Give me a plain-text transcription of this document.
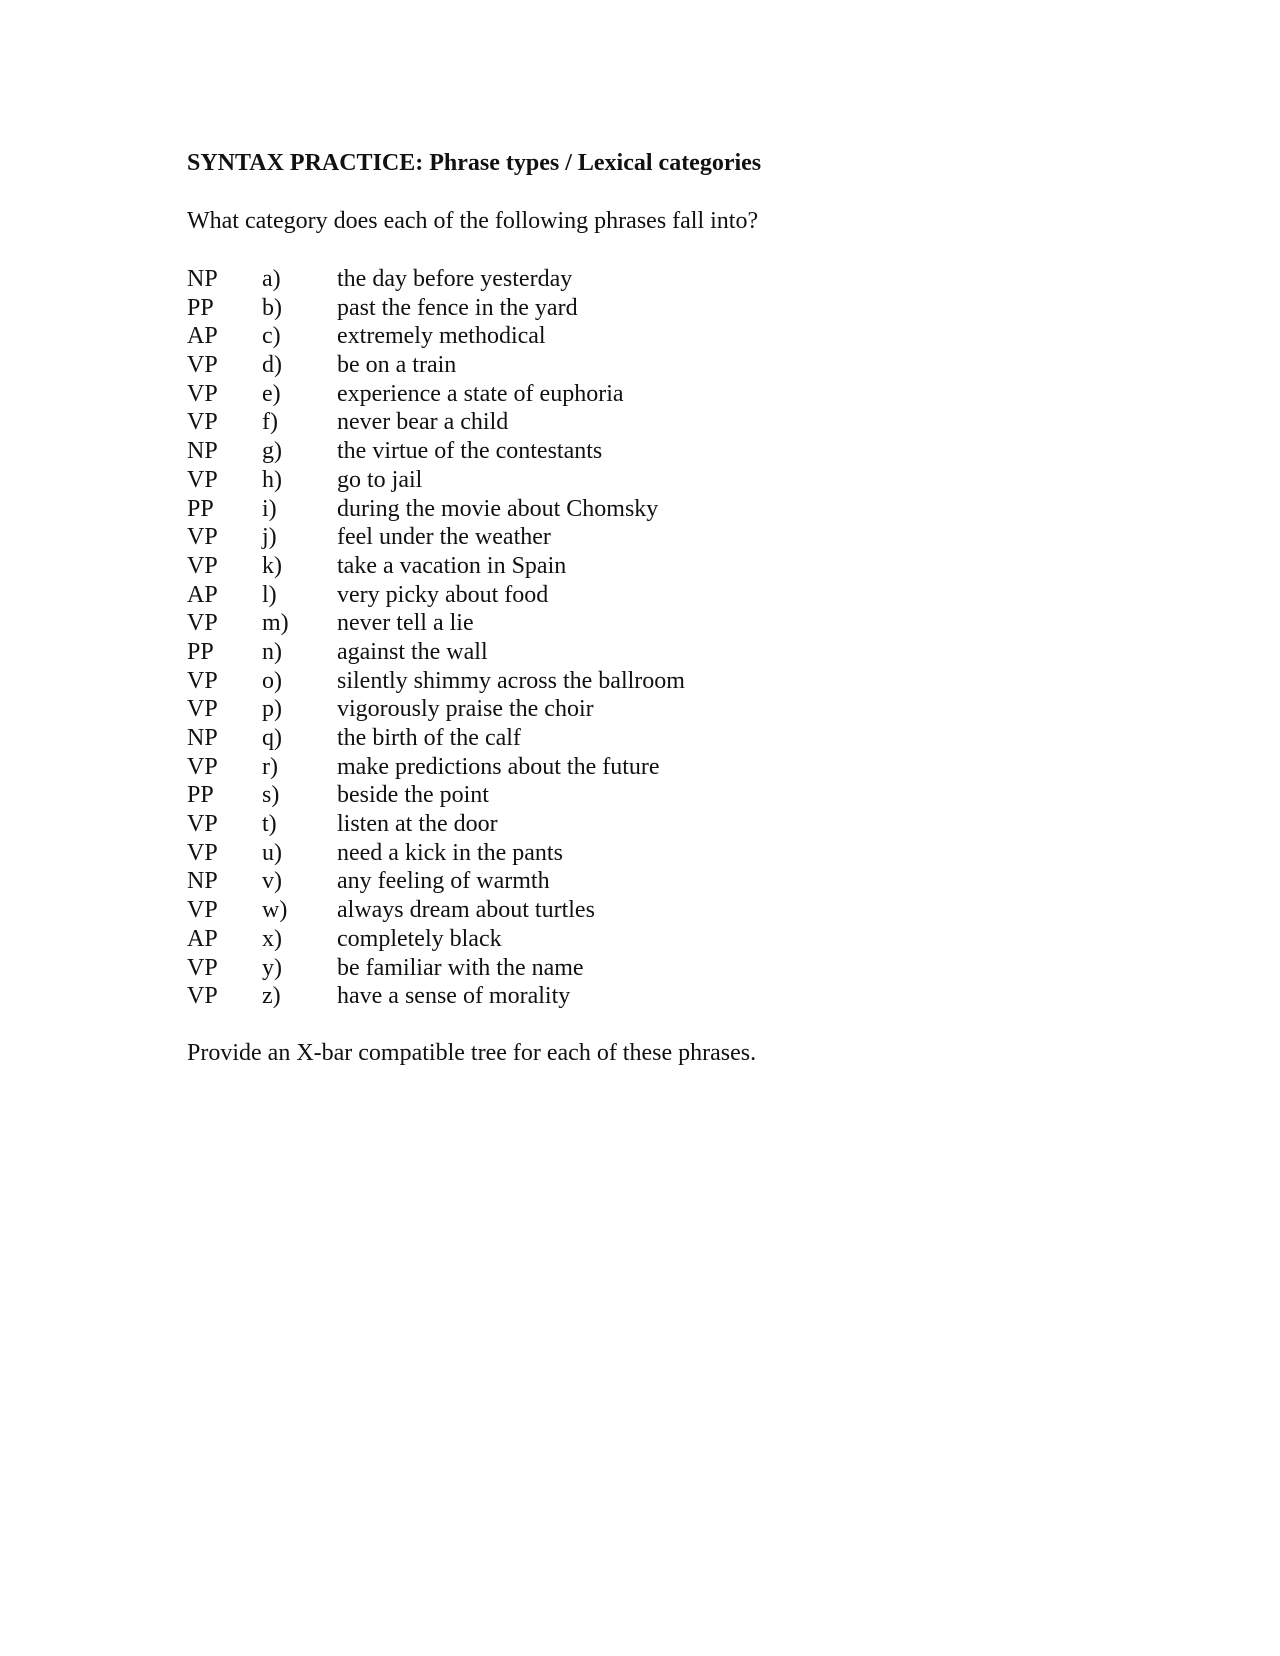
SYNTAX PRACTICE: Phrase types / Lexical categories
What category does each of the following phrases fall into?
NP a) the day before yesterday
PP b) past the fence in the yard
AP c) extremely methodical
VP d) be on a train
VP e) experience a state of euphoria
VP f) never bear a child
NP g) the virtue of the contestants
VP h) go to jail
PP i)	during the movie about Chomsky
VP j)	feel under the weather
VP k) take a vacation in Spain
AP l)	very picky about food
VP m) never tell a lie
PP n) against the wall
VP o) silently shimmy across the ballroom
VP p) vigorously praise the choir
NP q) the birth of the calf
VP r) make predictions about the future
PP s) beside the point
VP t)	listen at the door
VP u) need a kick in the pants
NP v) any feeling of warmth
VP w) always dream about turtles
AP x) completely black
VP y) be familiar with the name
VP z) have a sense of morality
Provide an X-bar compatible tree for each of these phrases.
